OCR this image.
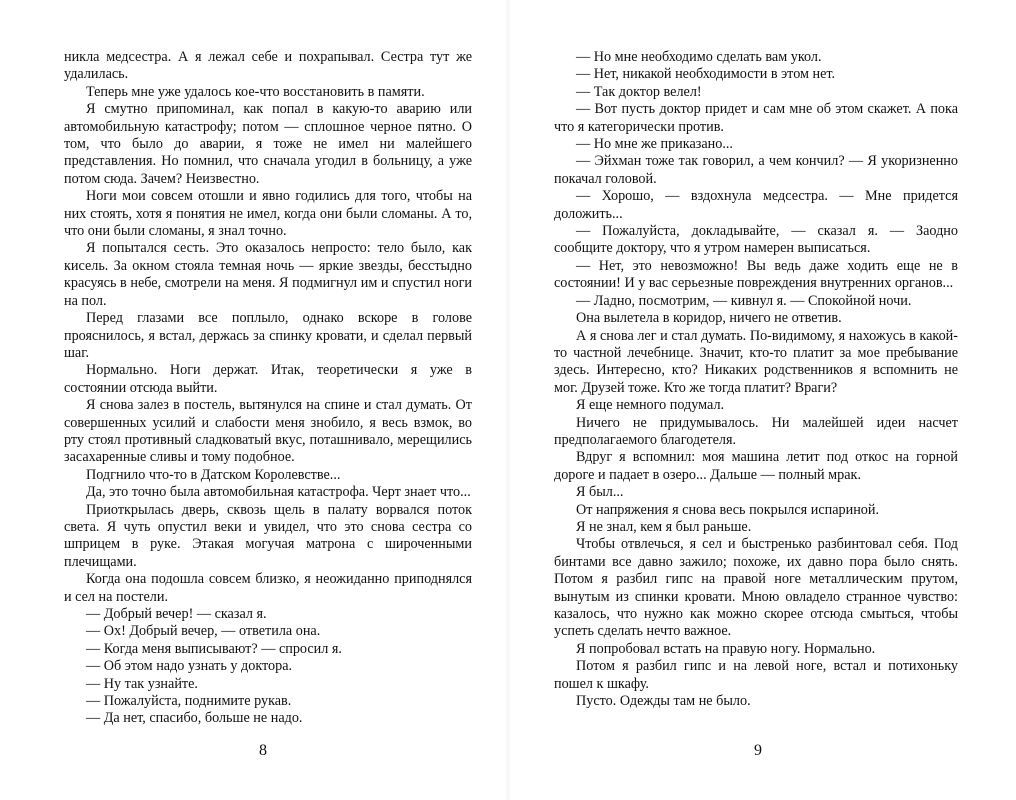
никла медсестра. А я лежал себе и похрапывал. Сестра тут же удалилась.

Теперь мне уже удалось кое-что восстановить в памяти.

Я смутно припоминал, как попал в какую-то аварию или автомобильную катастрофу; потом — сплошное черное пятно. О том, что было до аварии, я тоже не имел ни малейшего представления. Но помнил, что сначала угодил в больницу, а уже потом сюда. Зачем? Неизвестно.

Ноги мои совсем отошли и явно годились для того, чтобы на них стоять, хотя я понятия не имел, когда они были сломаны. А то, что они были сломаны, я знал точно.

Я попытался сесть. Это оказалось непросто: тело было, как кисель. За окном стояла темная ночь — яркие звезды, бесстыдно красуясь в небе, смотрели на меня. Я подмигнул им и спустил ноги на пол.

Перед глазами все поплыло, однако вскоре в голове прояснилось, я встал, держась за спинку кровати, и сделал первый шаг.

Нормально. Ноги держат. Итак, теоретически я уже в состоянии отсюда выйти.

Я снова залез в постель, вытянулся на спине и стал думать. От совершенных усилий и слабости меня знобило, я весь взмок, во рту стоял противный сладковатый вкус, поташнивало, мерещились засахаренные сливы и тому подобное.

Подгнило что-то в Датском Королевстве...

Да, это точно была автомобильная катастрофа. Черт знает что...

Приоткрылась дверь, сквозь щель в палату ворвался поток света. Я чуть опустил веки и увидел, что это снова сестра со шприцем в руке. Этакая могучая матрона с широченными плечищами.

Когда она подошла совсем близко, я неожиданно приподнялся и сел на постели.

— Добрый вечер! — сказал я.

— Ох! Добрый вечер, — ответила она.

— Когда меня выписывают? — спросил я.

— Об этом надо узнать у доктора.

— Ну так узнайте.

— Пожалуйста, поднимите рукав.

— Да нет, спасибо, больше не надо.

— Но мне необходимо сделать вам укол.

— Нет, никакой необходимости в этом нет.

— Так доктор велел!

— Вот пусть доктор придет и сам мне об этом скажет. А пока что я категорически против.

— Но мне же приказано...

— Эйхман тоже так говорил, а чем кончил? — Я укоризненно покачал головой.

— Хорошо, — вздохнула медсестра. — Мне придется доложить...

— Пожалуйста, докладывайте, — сказал я. — Заодно сообщите доктору, что я утром намерен выписаться.

— Нет, это невозможно! Вы ведь даже ходить еще не в состоянии! И у вас серьезные повреждения внутренних органов...

— Ладно, посмотрим, — кивнул я. — Спокойной ночи.

Она вылетела в коридор, ничего не ответив.

А я снова лег и стал думать. По-видимому, я нахожусь в какой-то частной лечебнице. Значит, кто-то платит за мое пребывание здесь. Интересно, кто? Никаких родственников я вспомнить не мог. Друзей тоже. Кто же тогда платит? Враги?

Я еще немного подумал.

Ничего не придумывалось. Ни малейшей идеи насчет предполагаемого благодетеля.

Вдруг я вспомнил: моя машина летит под откос на горной дороге и падает в озеро... Дальше — полный мрак.

Я был...

От напряжения я снова весь покрылся испариной.

Я не знал, кем я был раньше.

Чтобы отвлечься, я сел и быстренько разбинтовал себя. Под бинтами все давно зажило; похоже, их давно пора было снять. Потом я разбил гипс на правой ноге металлическим прутом, вынутым из спинки кровати. Мною овладело странное чувство: казалось, что нужно как можно скорее отсюда смыться, чтобы успеть сделать нечто важное.

Я попробовал встать на правую ногу. Нормально.

Потом я разбил гипс и на левой ноге, встал и потихоньку пошел к шкафу.

Пусто. Одежды там не было.

8	9
